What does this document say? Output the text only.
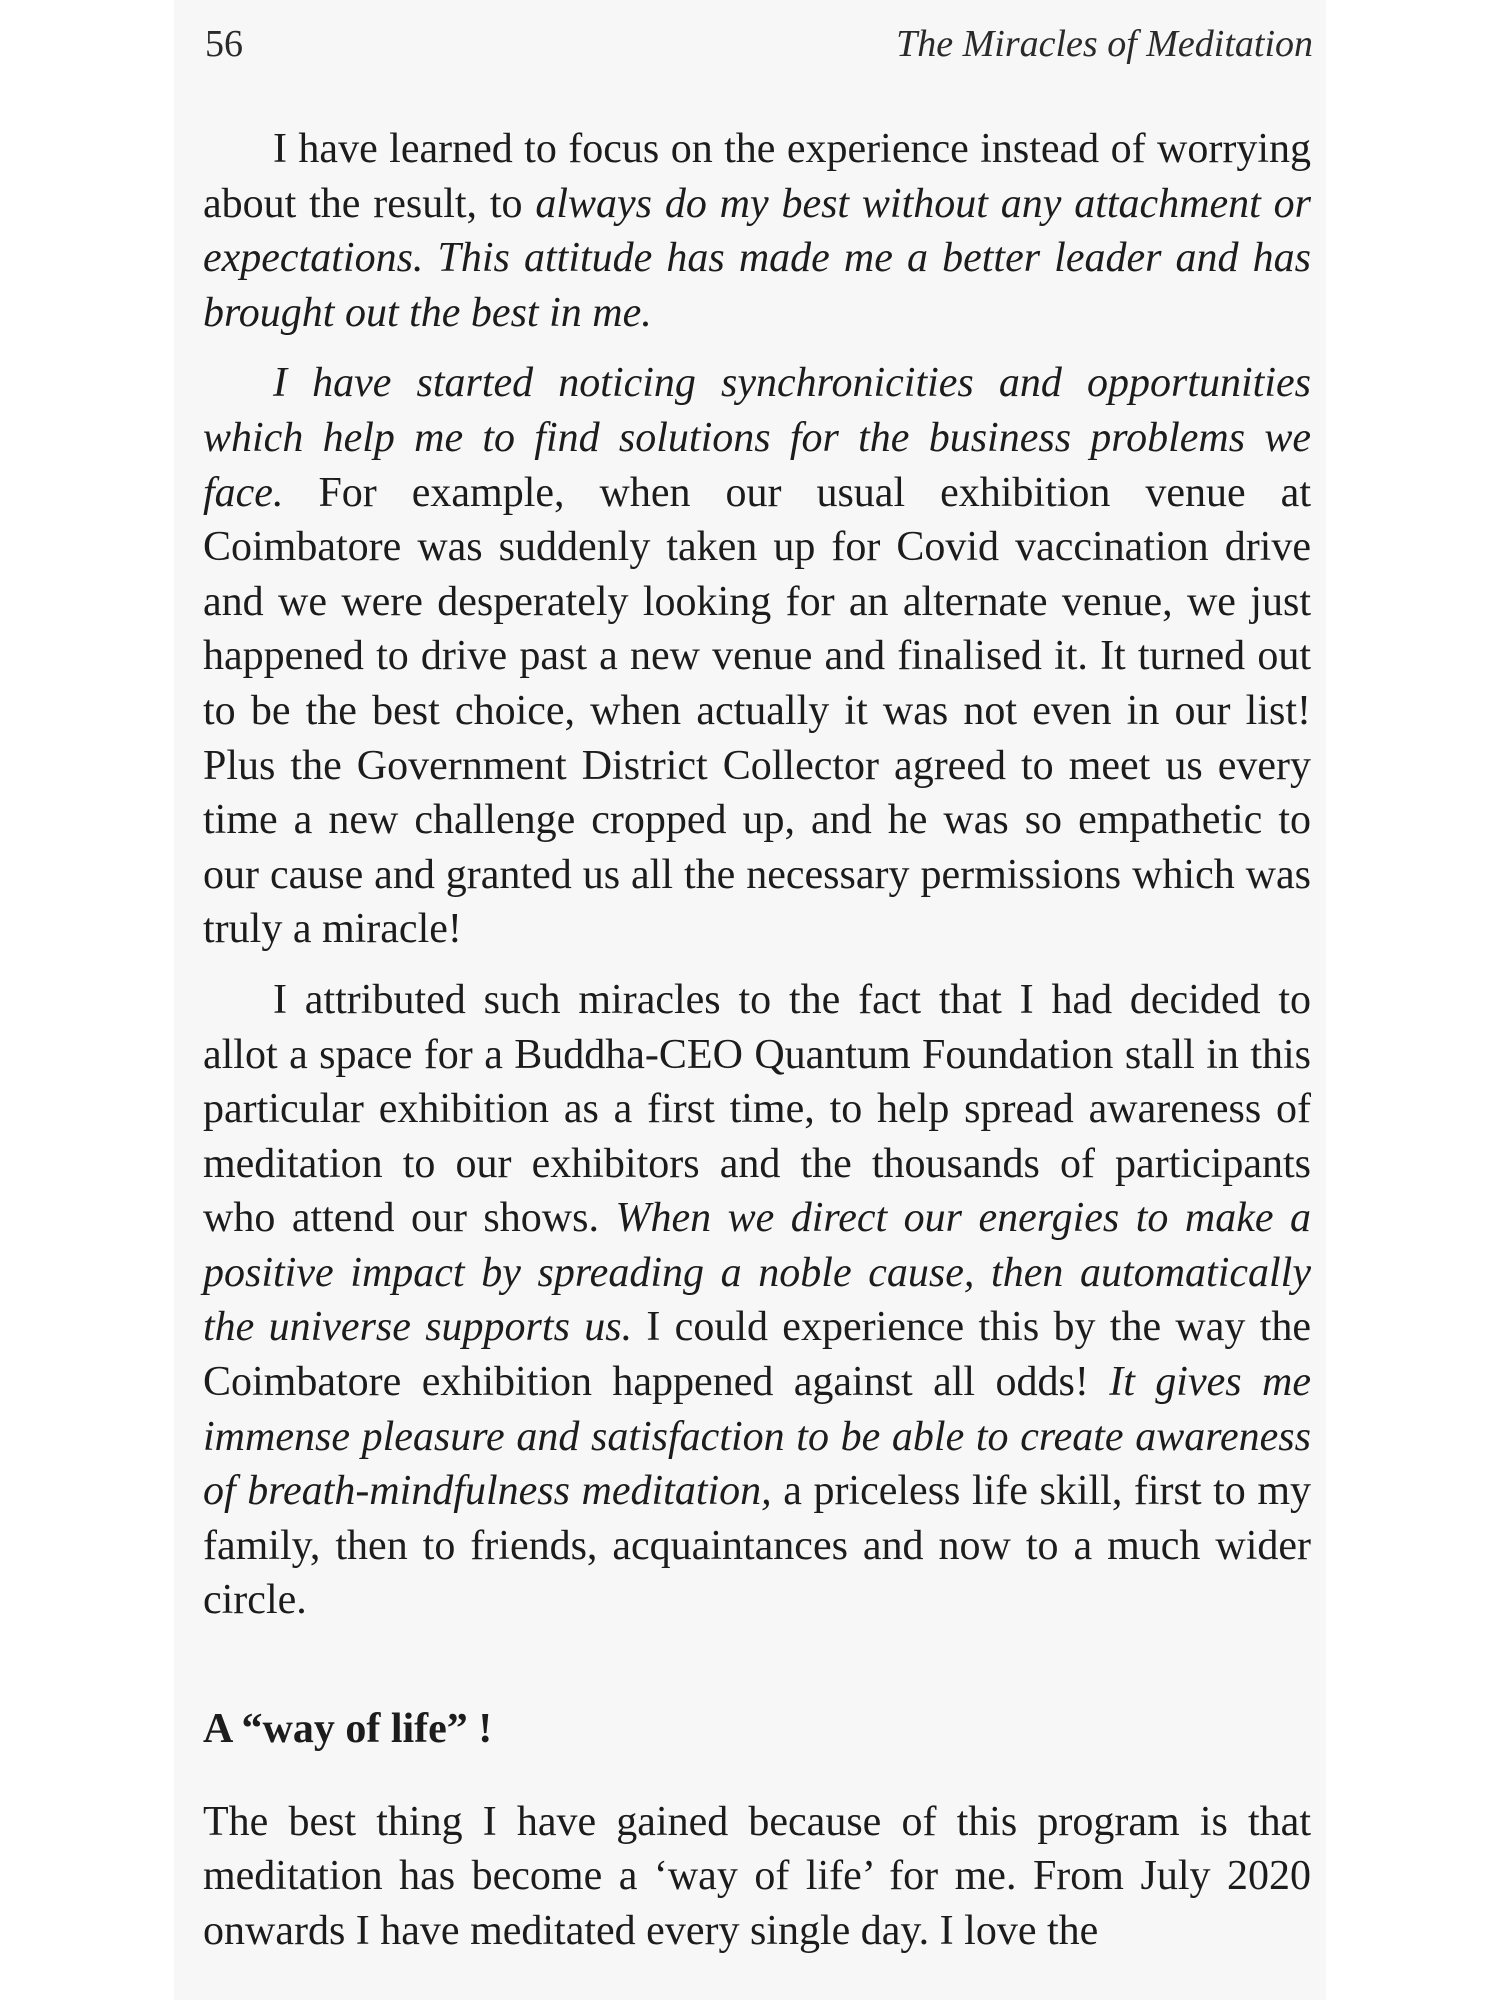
56	The Miracles of Meditation

I have learned to focus on the experience instead of worrying about the result, to always do my best without any attachment or expectations. This attitude has made me a better leader and has brought out the best in me.

I have started noticing synchronicities and opportunities which help me to find solutions for the business problems we face. For example, when our usual exhibition venue at Coimbatore was suddenly taken up for Covid vaccination drive and we were desperately looking for an alternate venue, we just happened to drive past a new venue and finalised it. It turned out to be the best choice, when actually it was not even in our list! Plus the Government District Collector agreed to meet us every time a new challenge cropped up, and he was so empathetic to our cause and granted us all the necessary permissions which was truly a miracle!

I attributed such miracles to the fact that I had decided to allot a space for a Buddha-CEO Quantum Foundation stall in this particular exhibition as a first time, to help spread awareness of meditation to our exhibitors and the thousands of participants who attend our shows. When we direct our energies to make a positive impact by spreading a noble cause, then automatically the universe supports us. I could experience this by the way the Coimbatore exhibition happened against all odds! It gives me immense pleasure and satisfaction to be able to create awareness of breath-mindfulness meditation, a priceless life skill, first to my family, then to friends, acquaintances and now to a much wider circle.

A “way of life” !

The best thing I have gained because of this program is that meditation has become a ‘way of life’ for me. From July 2020 onwards I have meditated every single day. I love the
